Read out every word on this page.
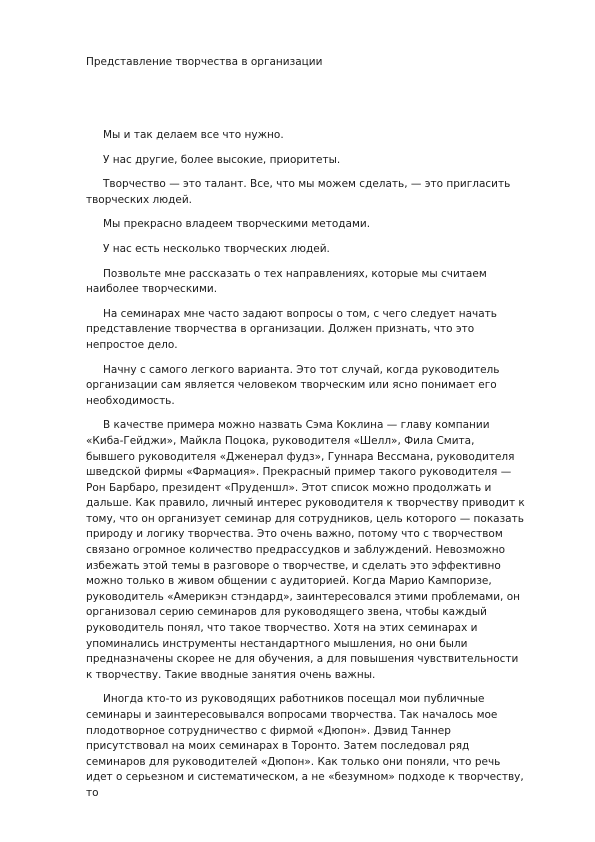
Представление творчества в организации

Мы и так делаем все что нужно.

У нас другие, более высокие, приоритеты.

Творчество — это талант. Все, что мы можем сделать, — это пригласить творческих людей.

Мы прекрасно владеем творческими методами.

У нас есть несколько творческих людей.

Позвольте мне рассказать о тех направлениях, которые мы считаем наиболее творческими.

На семинарах мне часто задают вопросы о том, с чего следует начать представление творчества в организации. Должен признать, что это непростое дело.

Начну с самого легкого варианта. Это тот случай, когда руководитель организации сам является человеком творческим или ясно понимает его необходимость.

В качестве примера можно назвать Сэма Коклина — главу компании «Киба-Гейджи», Майкла Поцока, руководителя «Шелл», Фила Смита, бывшего руководителя «Дженерал фудз», Гуннара Вессмана, руководителя шведской фирмы «Фармация». Прекрасный пример такого руководителя — Рон Барбаро, президент «Пруденшл». Этот список можно продолжать и дальше. Как правило, личный интерес руководителя к творчеству приводит к тому, что он организует семинар для сотрудников, цель которого — показать природу и логику творчества. Это очень важно, потому что с творчеством связано огромное количество предрассудков и заблуждений. Невозможно избежать этой темы в разговоре о творчестве, и сделать это эффективно можно только в живом общении с аудиторией. Когда Марио Кампоризе, руководитель «Америкэн стэндард», заинтересовался этими проблемами, он организовал серию семинаров для руководящего звена, чтобы каждый руководитель понял, что такое творчество. Хотя на этих семинарах и упоминались инструменты нестандартного мышления, но они были предназначены скорее не для обучения, а для повышения чувствительности к творчеству. Такие вводные занятия очень важны.

Иногда кто-то из руководящих работников посещал мои публичные семинары и заинтересовывался вопросами творчества. Так началось мое плодотворное сотрудничество с фирмой «Дюпон». Дэвид Таннер присутствовал на моих семинарах в Торонто. Затем последовал ряд семинаров для руководителей «Дюпон». Как только они поняли, что речь идет о серьезном и систематическом, а не «безумном» подходе к творчеству, то
